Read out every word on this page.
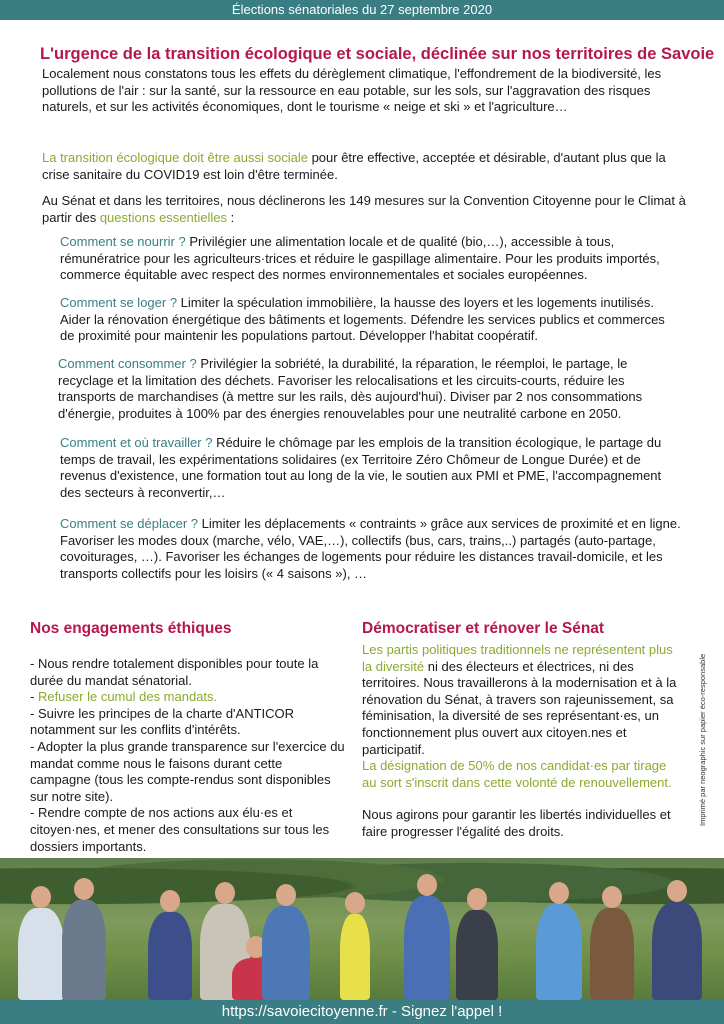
Élections sénatoriales du 27 septembre 2020
L'urgence de la transition écologique et sociale, déclinée sur nos territoires de Savoie

Localement nous constatons tous les effets du dérèglement climatique, l'effondrement de la biodiversité, les pollutions de l'air : sur la santé, sur la ressource en eau potable, sur les sols, sur l'aggravation des risques naturels, et sur les activités économiques, dont le tourisme « neige et ski » et l'agriculture…

La transition écologique doit être aussi sociale pour être effective, acceptée et désirable, d'autant plus que la crise sanitaire du COVID19 est loin d'être terminée.

Au Sénat et dans les territoires, nous déclinerons les 149 mesures sur la Convention Citoyenne pour le Climat à partir des questions essentielles :

Comment se nourrir ? Privilégier une alimentation locale et de qualité (bio,…), accessible à tous, rémunératrice pour les agriculteurs·trices et réduire le gaspillage alimentaire. Pour les produits importés, commerce équitable avec respect des normes environnementales et sociales européennes.

Comment se loger ? Limiter la spéculation immobilière, la hausse des loyers et les logements inutilisés. Aider la rénovation énergétique des bâtiments et logements. Défendre les services publics et commerces de proximité pour maintenir les populations partout. Développer l'habitat coopératif.

Comment consommer ? Privilégier la sobriété, la durabilité, la réparation, le réemploi, le partage, le recyclage et la limitation des déchets. Favoriser les relocalisations et les circuits-courts, réduire les transports de marchandises (à mettre sur les rails, dès aujourd'hui). Diviser par 2 nos consommations d'énergie, produites à 100% par des énergies renouvelables pour une neutralité carbone en 2050.

Comment et où travailler ? Réduire le chômage par les emplois de la transition écologique, le partage du temps de travail, les expérimentations solidaires (ex Territoire Zéro Chômeur de Longue Durée) et de revenus d'existence, une formation tout au long de la vie, le soutien aux PMI et PME, l'accompagnement des secteurs à reconvertir,…

Comment se déplacer ? Limiter les déplacements « contraints » grâce aux services de proximité et en ligne. Favoriser les modes doux (marche, vélo, VAE,…), collectifs (bus, cars, trains,..) partagés (auto-partage, covoiturages, …). Favoriser les échanges de logements pour réduire les distances travail-domicile, et les transports collectifs pour les loisirs (« 4 saisons »), …

Nos engagements éthiques
- Nous rendre totalement disponibles pour toute la durée du mandat sénatorial.
- Refuser le cumul des mandats.
- Suivre les principes de la charte d'ANTICOR notamment sur les conflits d'intérêts.
- Adopter la plus grande transparence sur l'exercice du mandat comme nous le faisons durant cette campagne (tous les compte-rendus sont disponibles sur notre site).
- Rendre compte de nos actions aux élu·es et citoyen·nes, et mener des consultations sur tous les dossiers importants.
Démocratiser et rénover le Sénat
Les partis politiques traditionnels ne représentent plus la diversité ni des électeurs et électrices, ni des territoires. Nous travaillerons à la modernisation et à la rénovation du Sénat, à travers son rajeunissement, sa féminisation, la diversité de ses représentant·es, un fonctionnement plus ouvert aux citoyen.nes et participatif.
La désignation de 50% de nos candidat·es par tirage au sort s'inscrit dans cette volonté de renouvellement.
Nous agirons pour garantir les libertés individuelles et faire progresser l'égalité des droits.
Imprimé par neographic sur papier éco-responsable
https://savoiecitoyenne.fr - Signez l'appel !
